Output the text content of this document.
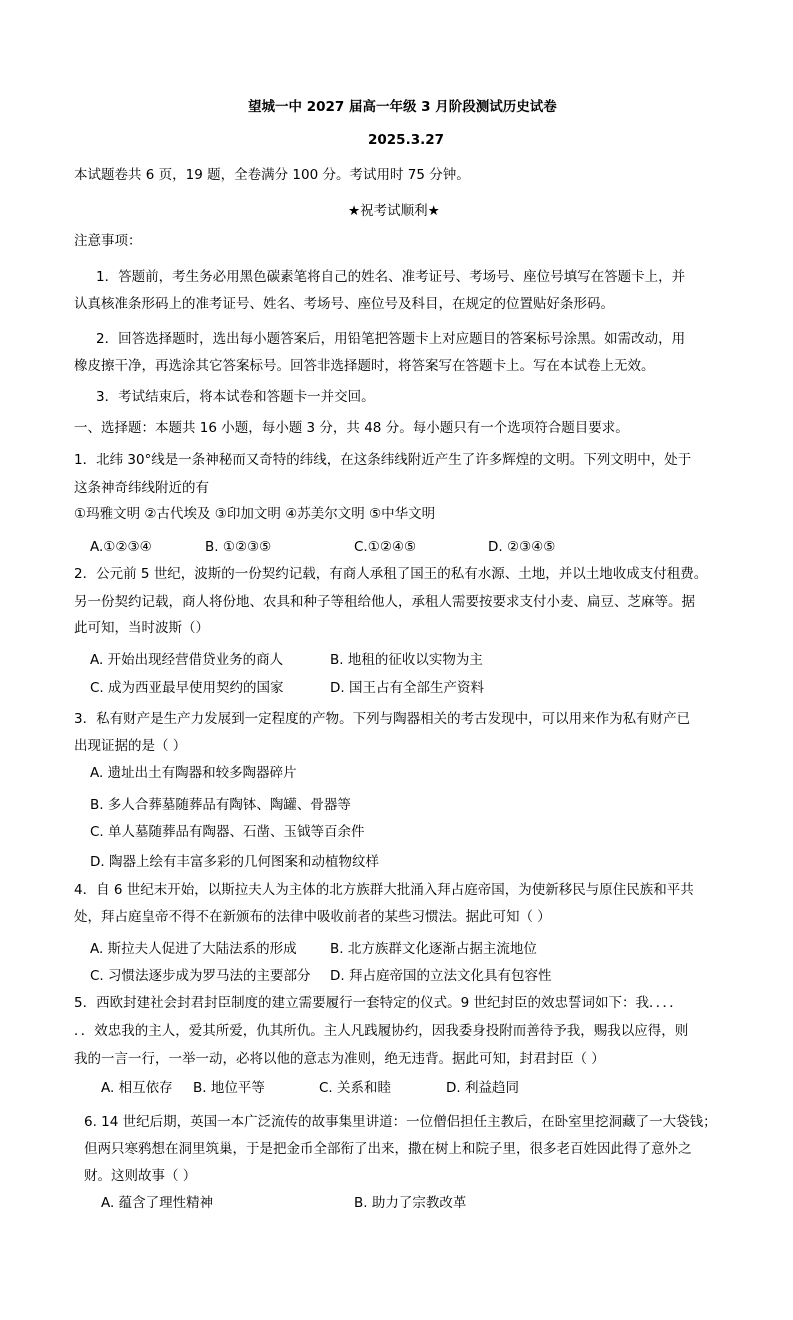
望城一中 2027 届高一年级 3 月阶段测试历史试卷
2025.3.27
本试题卷共 6 页，19 题，全卷满分 100 分。考试用时 75 分钟。
★祝考试顺利★
注意事项：
1．答题前，考生务必用黑色碳素笔将自己的姓名、准考证号、考场号、座位号填写在答题卡上，并
认真核准条形码上的准考证号、姓名、考场号、座位号及科目，在规定的位置贴好条形码。
2．回答选择题时，选出每小题答案后，用铅笔把答题卡上对应题目的答案标号涂黑。如需改动，用
橡皮擦干净，再选涂其它答案标号。回答非选择题时，将答案写在答题卡上。写在本试卷上无效。
3．考试结束后，将本试卷和答题卡一并交回。
一、选择题：本题共 16 小题，每小题 3 分，共 48 分。每小题只有一个选项符合题目要求。
1．北纬 30°线是一条神秘而又奇特的纬线，在这条纬线附近产生了许多辉煌的文明。下列文明中，处于
这条神奇纬线附近的有
①玛雅文明 ②古代埃及 ③印加文明 ④苏美尔文明 ⑤中华文明
A.①②③④	B. ①②③⑤	C.①②④⑤	D. ②③④⑤
2．公元前 5 世纪，波斯的一份契约记载，有商人承租了国王的私有水源、土地，并以土地收成支付租费。
另一份契约记载，商人将份地、农具和种子等租给他人，承租人需要按要求支付小麦、扁豆、芝麻等。据
此可知，当时波斯（）
A. 开始出现经营借贷业务的商人	B. 地租的征收以实物为主
C. 成为西亚最早使用契约的国家	D. 国王占有全部生产资料
3．私有财产是生产力发展到一定程度的产物。下列与陶器相关的考古发现中，可以用来作为私有财产已
出现证据的是（ ）
A. 遗址出土有陶器和较多陶器碎片
B. 多人合葬墓随葬品有陶钵、陶罐、骨器等
C. 单人墓随葬品有陶器、石凿、玉钺等百余件
D. 陶器上绘有丰富多彩的几何图案和动植物纹样
4．自 6 世纪末开始，以斯拉夫人为主体的北方族群大批涌入拜占庭帝国，为使新移民与原住民族和平共
处，拜占庭皇帝不得不在新颁布的法律中吸收前者的某些习惯法。据此可知（ ）
A. 斯拉夫人促进了大陆法系的形成 B. 北方族群文化逐渐占据主流地位
C. 习惯法逐步成为罗马法的主要部分 D. 拜占庭帝国的立法文化具有包容性
5．西欧封建社会封君封臣制度的建立需要履行一套特定的仪式。9 世纪封臣的效忠誓词如下：我．．．．
．．效忠我的主人，爱其所爱，仇其所仇。主人凡践履协约，因我委身投附而善待予我，赐我以应得，则
我的一言一行，一举一动，必将以他的意志为准则，绝无违背。据此可知，封君封臣（ ）
A. 相互依存 B. 地位平等	C. 关系和睦	D. 利益趋同
6. 14 世纪后期，英国一本广泛流传的故事集里讲道：一位僧侣担任主教后，在卧室里挖洞藏了一大袋钱；
但两只寒鸦想在洞里筑巢，于是把金币全部衔了出来，撒在树上和院子里，很多老百姓因此得了意外之
财。这则故事（ ）
A. 蕴含了理性精神	B. 助力了宗教改革
